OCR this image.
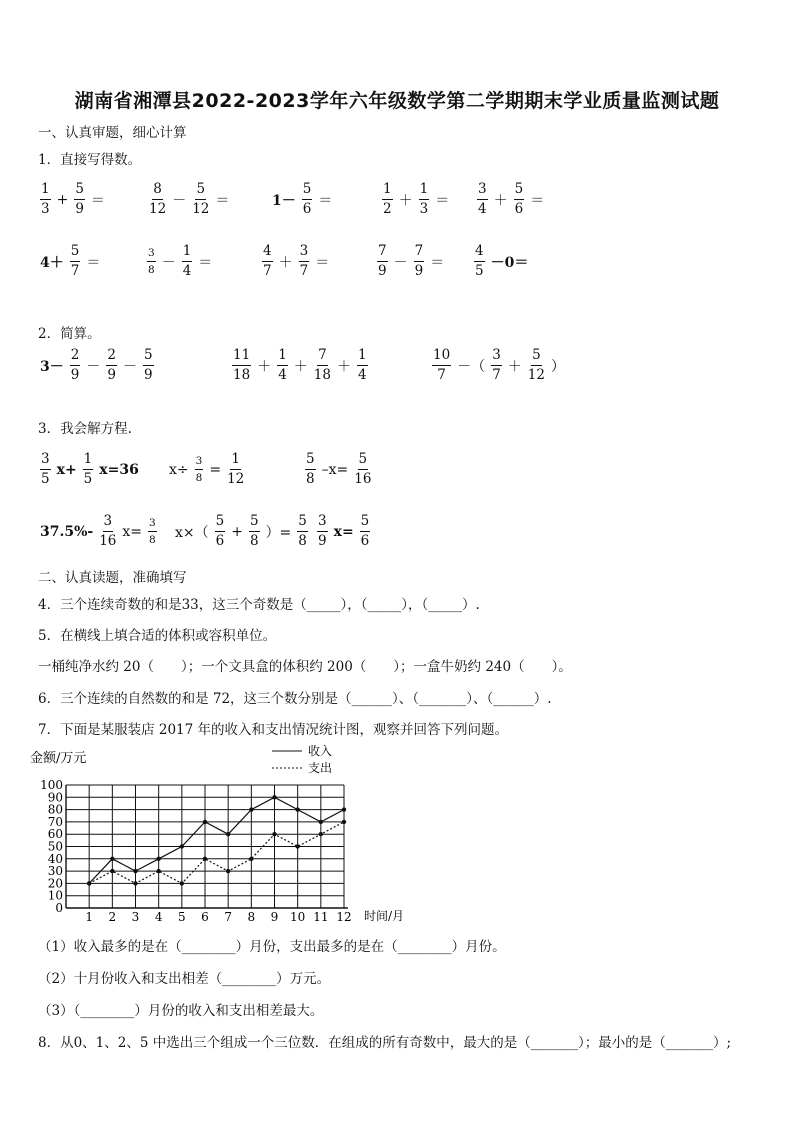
湖南省湘潭县2022-2023学年六年级数学第二学期期末学业质量监测试题
一、认真审题，细心计算
1．直接写得数。
$\frac{1}{3} + \frac{5}{9}$ ＝	$\frac{8}{12} - \frac{5}{12}$ ＝	$1- \frac{5}{6}$ ＝	$\frac{1}{2} + \frac{1}{3} = \frac{3}{4} + \frac{5}{6}$ ＝
$4+ \frac{5}{7}$ ＝	$\frac{3}{8} - \frac{1}{4}$ ＝	$\frac{4}{7} + \frac{3}{7}$ ＝	$\frac{7}{9} - \frac{7}{9} = \frac{4}{5} -0=$
2．简算。
$3- \frac{2}{9} - \frac{2}{9} - \frac{5}{9}$	$\frac{11}{18} + \frac{1}{4} + \frac{7}{18} + \frac{1}{4}$	$\frac{10}{7}$ －（ $\frac{3}{7} + \frac{5}{12}$ ）
3．我会解方程.
$\frac{3}{5} x+ \frac{1}{5} x=36$ $x\div \frac{3}{8} = \frac{1}{12}$	$\frac{5}{8} -x= \frac{5}{16}$
$37.5\%- \frac{3}{16} x= \frac{3}{8} x\times( \frac{5}{6} + \frac{5}{8}$ ）= $\frac{5}{8} \frac{3}{9} x= \frac{5}{6}$
二、认真读题，准确填写
4．三个连续奇数的和是33，这三个奇数是（_____），（_____），（_____）.
5．在横线上填合适的体积或容积单位。
一桶纯净水约 20（　　）；一个文具盒的体积约 200（　　）；一盒牛奶约 240（　　）。
6．三个连续的自然数的和是 72，这三个数分别是（______）、（_______）、（______）.
7．下面是某服装店 2017 年的收入和支出情况统计图，观察并回答下列问题。
0
10
20
30
40
50
60
70
80
90
100
1 2 3 4 5 6 7 8 9 10 11 12
金额/万元
时间/月
收入
支出
（1）收入最多的是在（________）月份，支出最多的是在（________）月份。
（2）十月份收入和支出相差（________）万元。
（3）（________）月份的收入和支出相差最大。
8．从0、1、2、5 中选出三个组成一个三位数．在组成的所有奇数中，最大的是（_______）；最小的是（_______）;
